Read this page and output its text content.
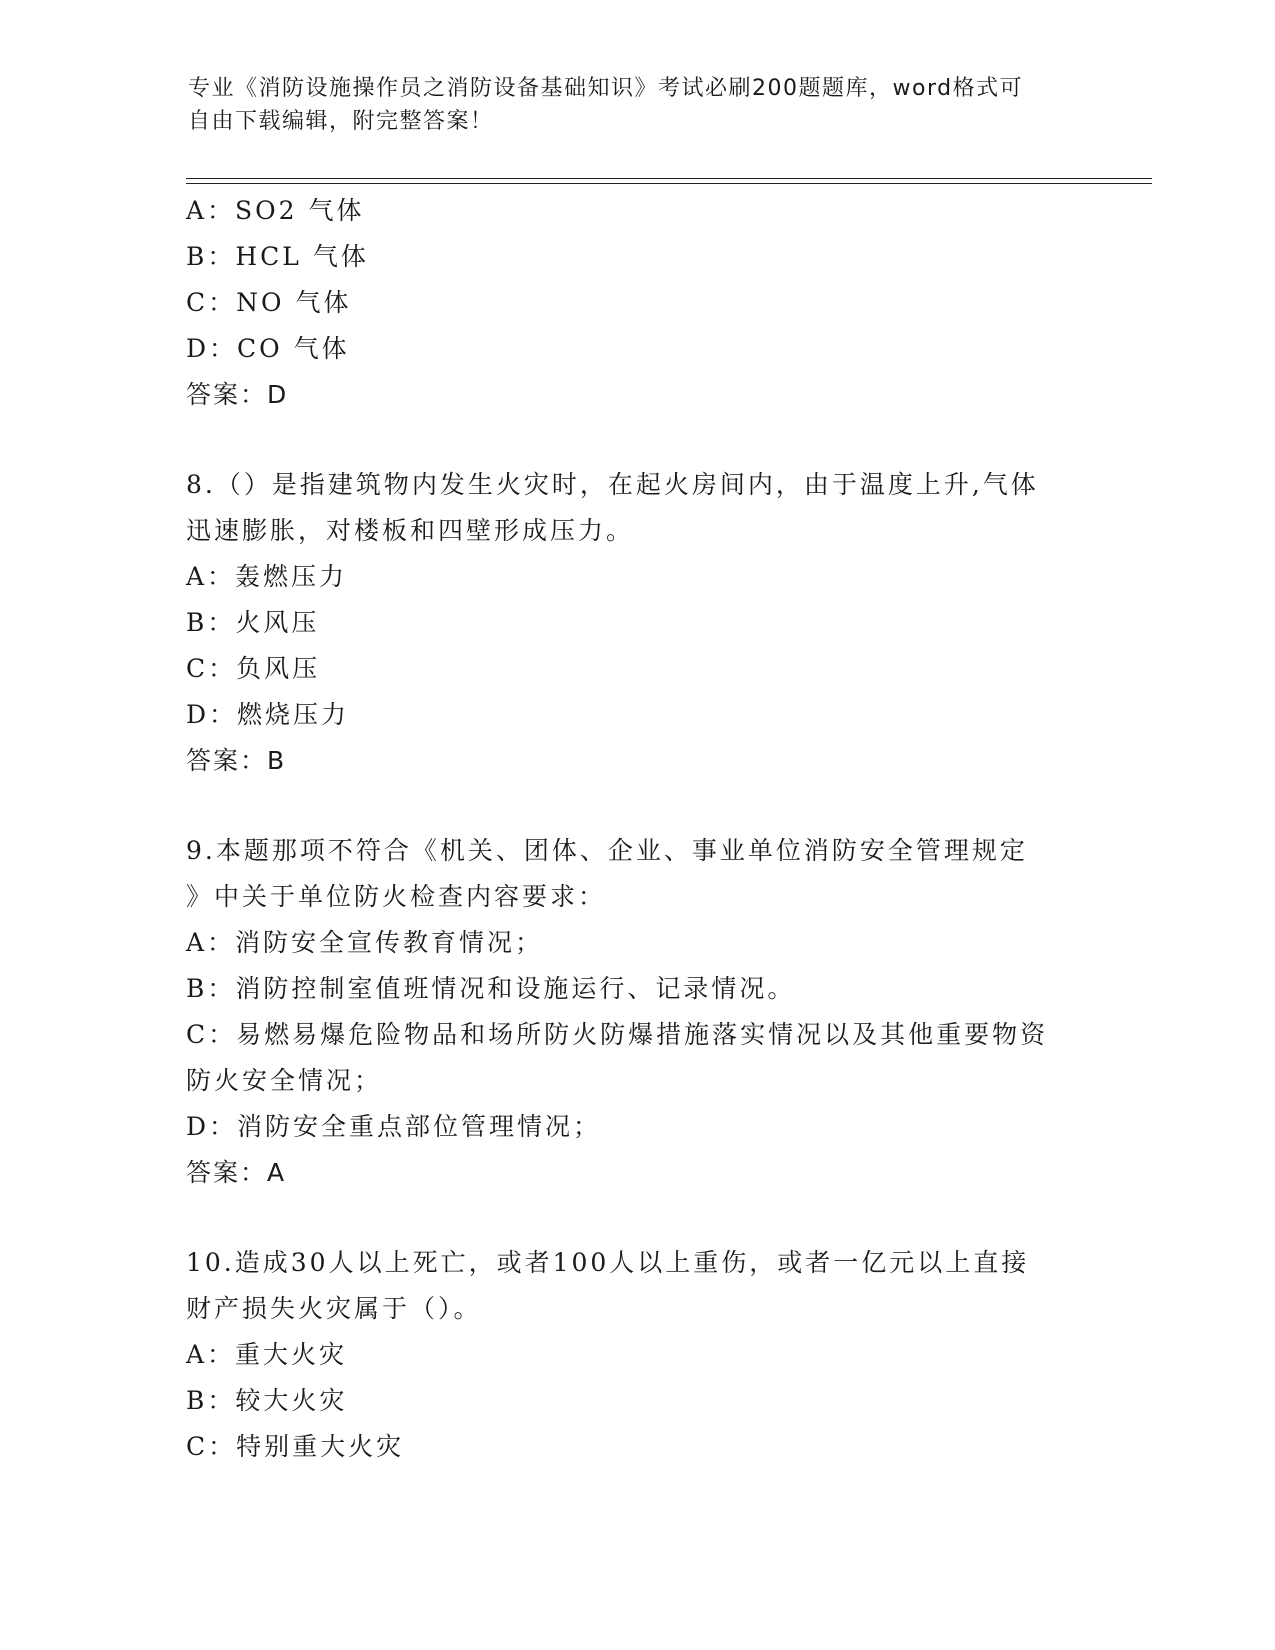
专业《消防设施操作员之消防设备基础知识》考试必刷200题题库，word格式可
自由下载编辑，附完整答案！
A：SO2 气体
B：HCL 气体
C：NO 气体
D：CO 气体
答案：D
8.（）是指建筑物内发生火灾时，在起火房间内，由于温度上升,气体
迅速膨胀，对楼板和四壁形成压力。
A：轰燃压力
B：火风压
C：负风压
D：燃烧压力
答案：B
9.本题那项不符合《机关、团体、企业、事业单位消防安全管理规定
》中关于单位防火检查内容要求：
A：消防安全宣传教育情况；
B：消防控制室值班情况和设施运行、记录情况。
C：易燃易爆危险物品和场所防火防爆措施落实情况以及其他重要物资
防火安全情况；
D：消防安全重点部位管理情况；
答案：A
10.造成30人以上死亡，或者100人以上重伤，或者一亿元以上直接
财产损失火灾属于（）。
A：重大火灾
B：较大火灾
C：特别重大火灾
